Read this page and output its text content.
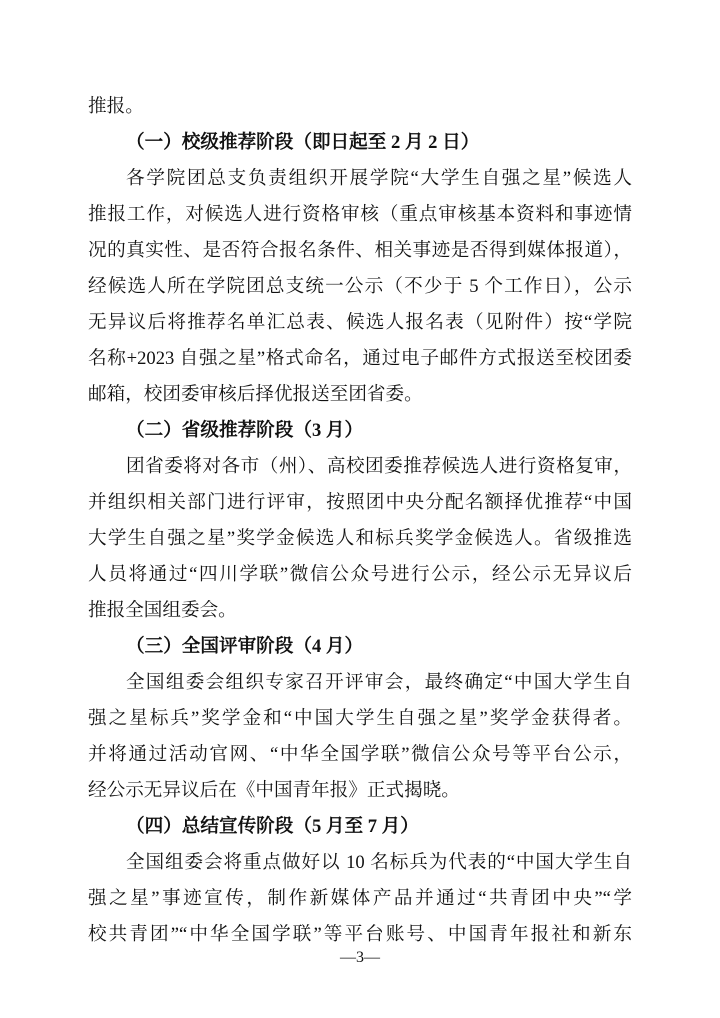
推报。
（一）校级推荐阶段（即日起至 2 月 2 日）
各学院团总支负责组织开展学院“大学生自强之星”候选人
推报工作，对候选人进行资格审核（重点审核基本资料和事迹情
况的真实性、是否符合报名条件、相关事迹是否得到媒体报道），
经候选人所在学院团总支统一公示（不少于 5 个工作日），公示
无异议后将推荐名单汇总表、候选人报名表（见附件）按“学院
名称+2023 自强之星”格式命名，通过电子邮件方式报送至校团委
邮箱，校团委审核后择优报送至团省委。
（二）省级推荐阶段（3 月）
团省委将对各市（州）、高校团委推荐候选人进行资格复审，
并组织相关部门进行评审，按照团中央分配名额择优推荐“中国
大学生自强之星”奖学金候选人和标兵奖学金候选人。省级推选
人员将通过“四川学联”微信公众号进行公示，经公示无异议后
推报全国组委会。
（三）全国评审阶段（4 月）
全国组委会组织专家召开评审会，最终确定“中国大学生自
强之星标兵”奖学金和“中国大学生自强之星”奖学金获得者。
并将通过活动官网、“中华全国学联”微信公众号等平台公示，
经公示无异议后在《中国青年报》正式揭晓。
（四）总结宣传阶段（5 月至 7 月）
全国组委会将重点做好以 10 名标兵为代表的“中国大学生自
强之星”事迹宣传，制作新媒体产品并通过“共青团中央”“学
校共青团”“中华全国学联”等平台账号、中国青年报社和新东
—3—
